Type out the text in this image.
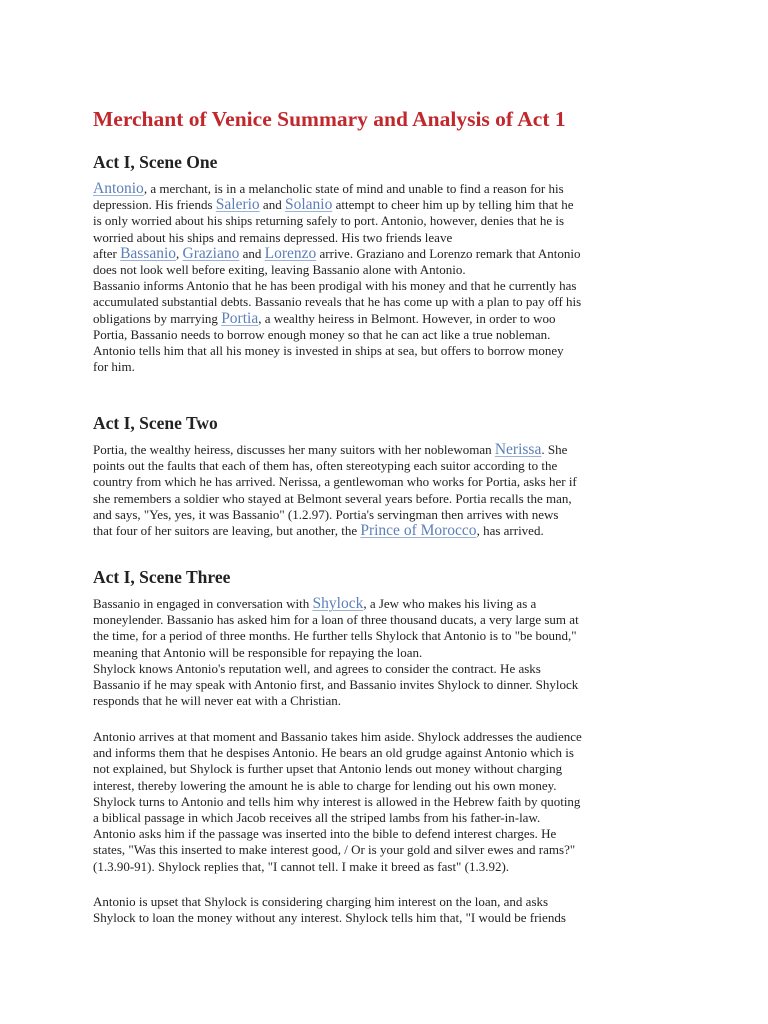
Merchant of Venice Summary and Analysis of Act 1
Act I, Scene One
Antonio, a merchant, is in a melancholic state of mind and unable to find a reason for his
depression. His friends Salerio and Solanio attempt to cheer him up by telling him that he
is only worried about his ships returning safely to port. Antonio, however, denies that he is
worried about his ships and remains depressed. His two friends leave
after Bassanio, Graziano and Lorenzo arrive. Graziano and Lorenzo remark that Antonio
does not look well before exiting, leaving Bassanio alone with Antonio.
Bassanio informs Antonio that he has been prodigal with his money and that he currently has
accumulated substantial debts. Bassanio reveals that he has come up with a plan to pay off his
obligations by marrying Portia, a wealthy heiress in Belmont. However, in order to woo
Portia, Bassanio needs to borrow enough money so that he can act like a true nobleman.
Antonio tells him that all his money is invested in ships at sea, but offers to borrow money
for him.
Act I, Scene Two
Portia, the wealthy heiress, discusses her many suitors with her noblewoman Nerissa. She
points out the faults that each of them has, often stereotyping each suitor according to the
country from which he has arrived. Nerissa, a gentlewoman who works for Portia, asks her if
she remembers a soldier who stayed at Belmont several years before. Portia recalls the man,
and says, "Yes, yes, it was Bassanio" (1.2.97). Portia's servingman then arrives with news
that four of her suitors are leaving, but another, the Prince of Morocco, has arrived.
Act I, Scene Three
Bassanio in engaged in conversation with Shylock, a Jew who makes his living as a
moneylender. Bassanio has asked him for a loan of three thousand ducats, a very large sum at
the time, for a period of three months. He further tells Shylock that Antonio is to "be bound,"
meaning that Antonio will be responsible for repaying the loan.
Shylock knows Antonio's reputation well, and agrees to consider the contract. He asks
Bassanio if he may speak with Antonio first, and Bassanio invites Shylock to dinner. Shylock
responds that he will never eat with a Christian.
Antonio arrives at that moment and Bassanio takes him aside. Shylock addresses the audience
and informs them that he despises Antonio. He bears an old grudge against Antonio which is
not explained, but Shylock is further upset that Antonio lends out money without charging
interest, thereby lowering the amount he is able to charge for lending out his own money.
Shylock turns to Antonio and tells him why interest is allowed in the Hebrew faith by quoting
a biblical passage in which Jacob receives all the striped lambs from his father-in-law.
Antonio asks him if the passage was inserted into the bible to defend interest charges. He
states, "Was this inserted to make interest good, / Or is your gold and silver ewes and rams?"
(1.3.90-91). Shylock replies that, "I cannot tell. I make it breed as fast" (1.3.92).
Antonio is upset that Shylock is considering charging him interest on the loan, and asks
Shylock to loan the money without any interest. Shylock tells him that, "I would be friends
